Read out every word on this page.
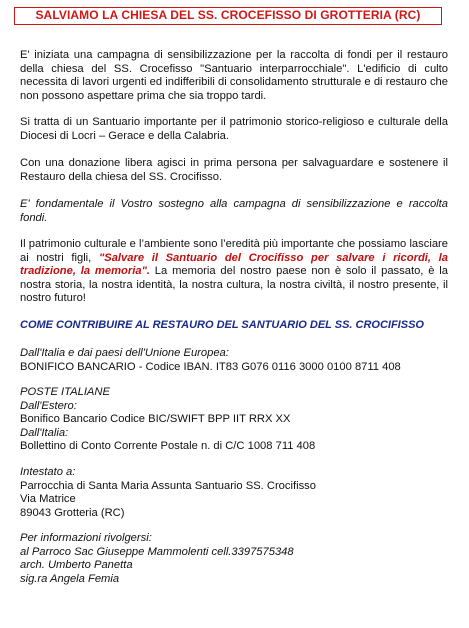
SALVIAMO LA CHIESA DEL SS. CROCEFISSO DI GROTTERIA (RC)

E' iniziata una campagna di sensibilizzazione per la raccolta di fondi per il restauro della chiesa del SS. Crocefisso "Santuario interparrocchiale". L'edificio di culto necessita di lavori urgenti ed indifferibili di consolidamento strutturale e di restauro che non possono aspettare prima che sia troppo tardi.

Si tratta di un Santuario importante per il patrimonio storico-religioso e culturale della Diocesi di Locri – Gerace e della Calabria.

Con una donazione libera agisci in prima persona per salvaguardare e sostenere il Restauro della chiesa del SS. Crocifisso.

E' fondamentale il Vostro sostegno alla campagna di sensibilizzazione e raccolta fondi.

Il patrimonio culturale e l’ambiente sono l’eredità più importante che possiamo lasciare ai nostri figli, "Salvare il Santuario del Crocifisso per salvare i ricordi, la tradizione, la memoria". La memoria del nostro paese non è solo il passato, è la nostra storia, la nostra identità, la nostra cultura, la nostra civiltà, il nostro presente, il nostro futuro!

COME CONTRIBUIRE AL RESTAURO DEL SANTUARIO DEL SS. CROCIFISSO
Dall'Italia e dai paesi dell'Unione Europea:
BONIFICO BANCARIO - Codice IBAN. IT83 G076 0116 3000 0100 8711 408
POSTE ITALIANE
Dall'Estero:
Bonifico Bancario Codice BIC/SWIFT BPP IIT RRX XX
Dall'Italia:
Bollettino di Conto Corrente Postale n. di C/C 1008 711 408
Intestato a:
Parrocchia di Santa Maria Assunta Santuario SS. Crocifisso
Via Matrice
89043 Grotteria (RC)
Per informazioni rivolgersi:
al Parroco Sac Giuseppe Mammolenti cell.3397575348
arch. Umberto Panetta
sig.ra Angela Femia
